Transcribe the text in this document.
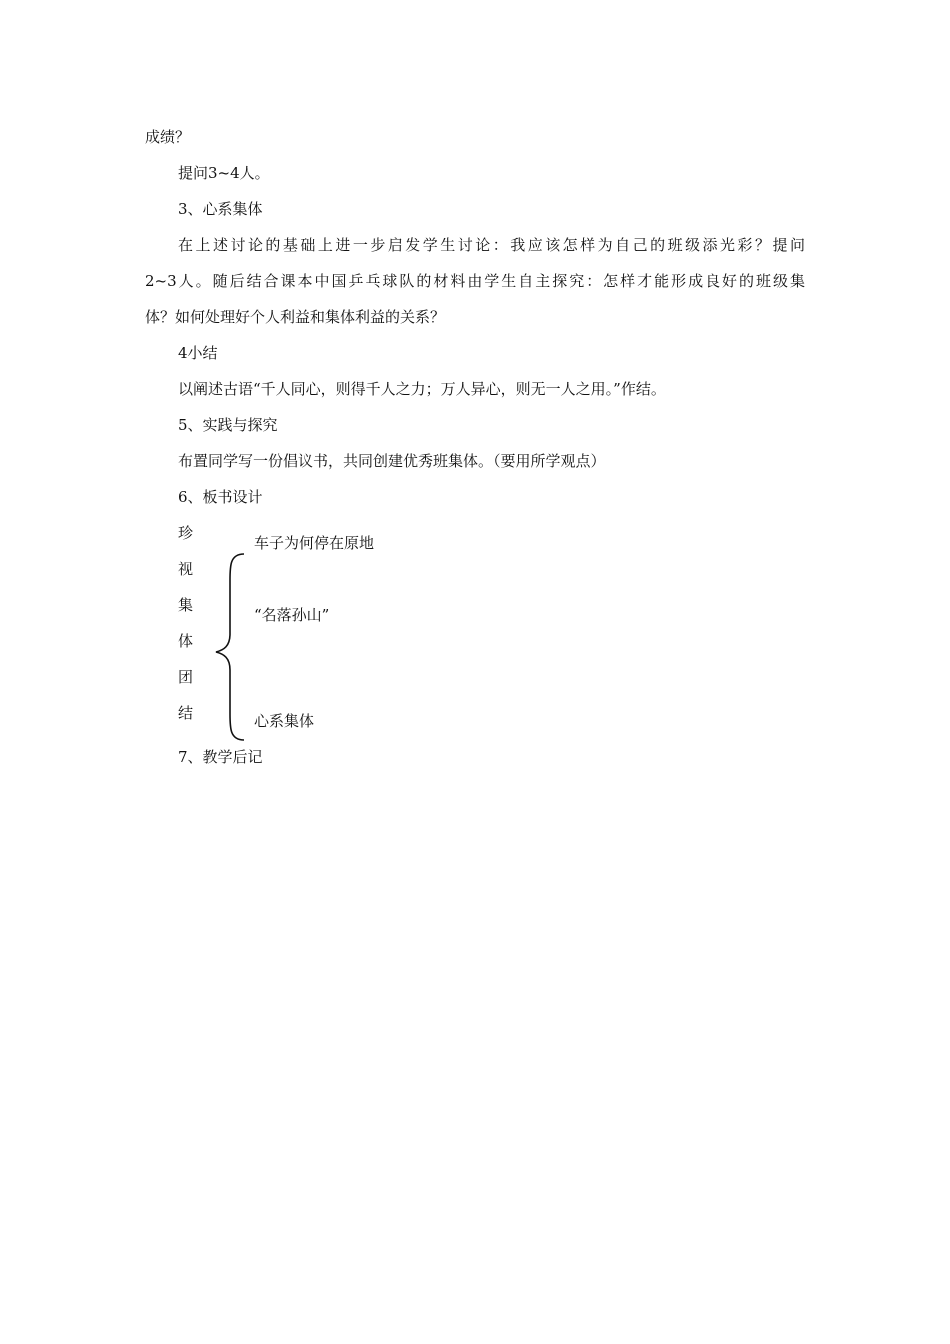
成绩？
提问3~4人。
3、心系集体
在上述讨论的基础上进一步启发学生讨论：我应该怎样为自己的班级添光彩？提问
2~3人。随后结合课本中国乒乓球队的材料由学生自主探究：怎样才能形成良好的班级集
体？如何处理好个人利益和集体利益的关系？
4小结
以阐述古语“千人同心，则得千人之力；万人异心，则无一人之用。”作结。
5、实践与探究
布置同学写一份倡议书，共同创建优秀班集体。（要用所学观点）
6、板书设计
珍
视
集
体
团
结
车子为何停在原地
“名落孙山”
心系集体
7、教学后记
